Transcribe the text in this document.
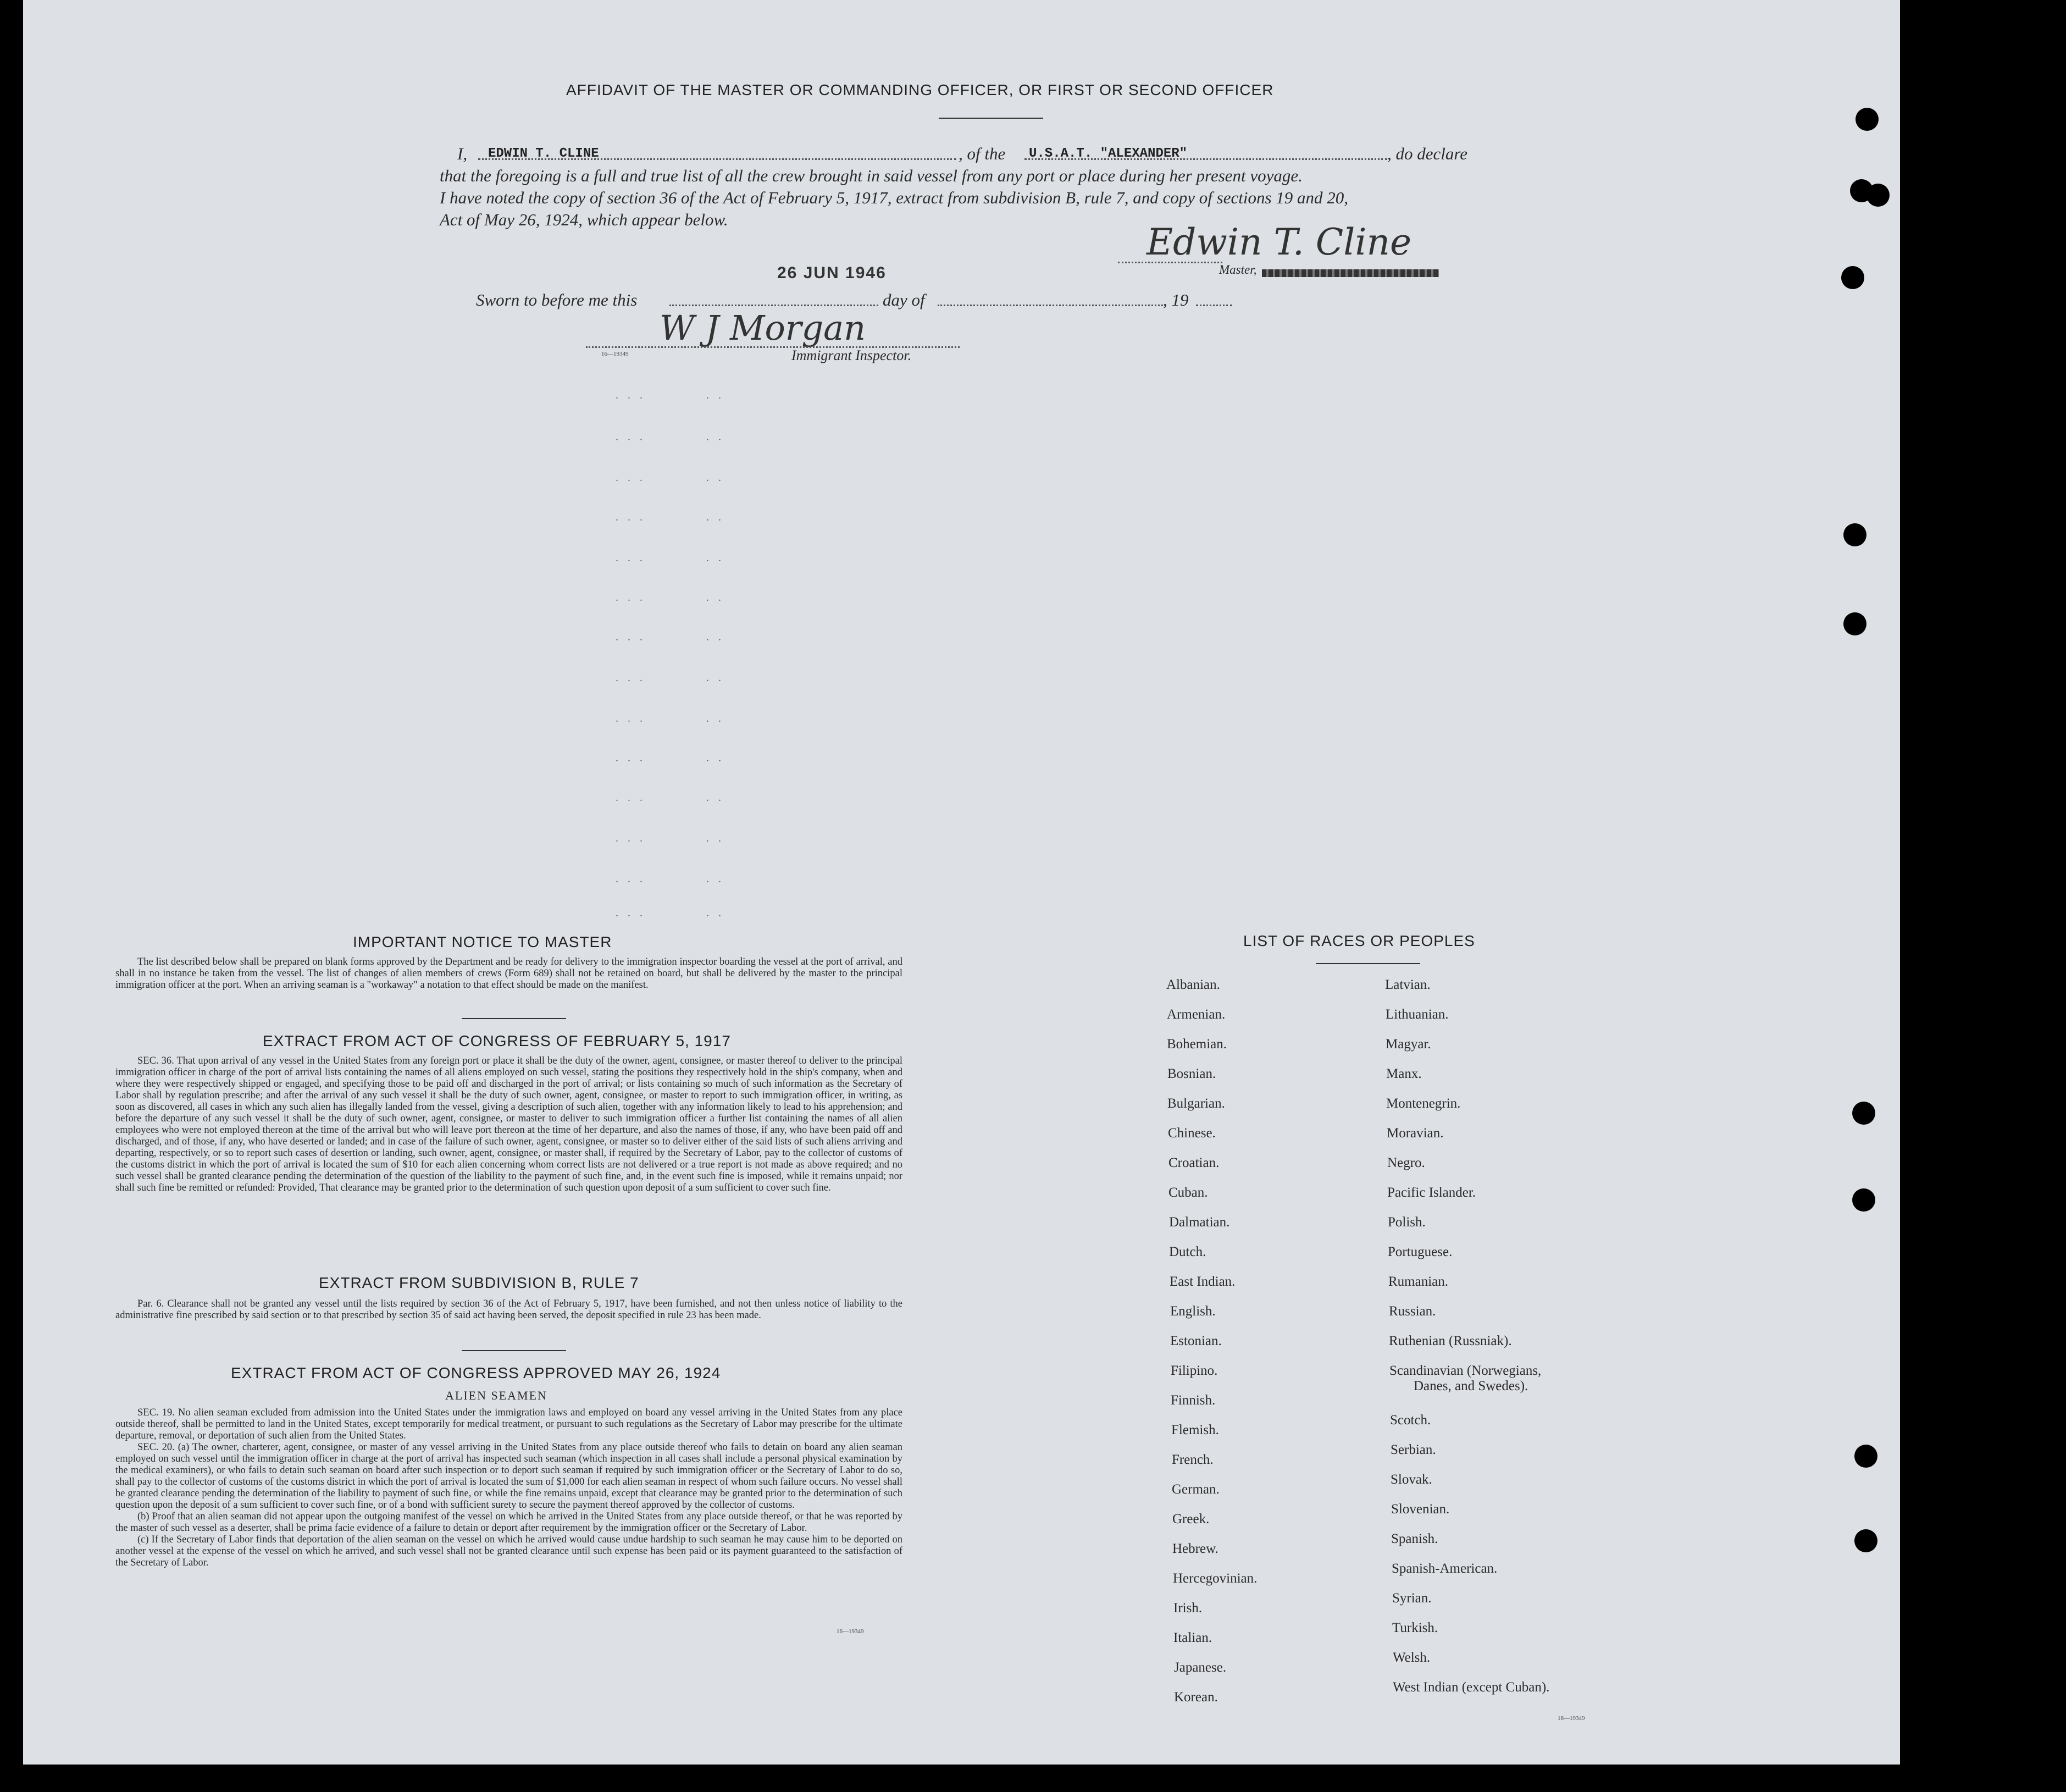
AFFIDAVIT OF THE MASTER OR COMMANDING OFFICER, OR FIRST OR SECOND OFFICER
I, EDWIN T. CLINE	, of the U.S.A.T. "ALEXANDER"	, do declare
that the foregoing is a full and true list of all the crew brought in said vessel from any port or place during her present voyage.
I have noted the copy of section 36 of the Act of February 5, 1917, extract from subdivision B, rule 7, and copy of sections 19 and 20,
Act of May 26, 1924, which appear below.
Edwin T. Cline
Master,
26 JUN 1946
Sworn to before me this	day of	, 19
W J Morgan
16—19349	Immigrant Inspector.
. . .          . .
. . .          . .
. . .          . .
. . .          . .
. . .          . .
. . .          . .
. . .          . .
. . .          . .
. . .          . .
. . .          . .
. . .          . .
. . .          . .
. . .          . .
. . .          . .
IMPORTANT NOTICE TO MASTER

The list described below shall be prepared on blank forms approved by the Department and be ready for delivery to the immigration inspector boarding the vessel at the port of arrival, and shall in no instance be taken from the vessel. The list of changes of alien members of crews (Form 689) shall not be retained on board, but shall be delivered by the master to the principal immigration officer at the port. When an arriving seaman is a "workaway" a notation to that effect should be made on the manifest.

EXTRACT FROM ACT OF CONGRESS OF FEBRUARY 5, 1917

SEC. 36. That upon arrival of any vessel in the United States from any foreign port or place it shall be the duty of the owner, agent, consignee, or master thereof to deliver to the principal immigration officer in charge of the port of arrival lists containing the names of all aliens employed on such vessel, stating the positions they respectively hold in the ship's company, when and where they were respectively shipped or engaged, and specifying those to be paid off and discharged in the port of arrival; or lists containing so much of such information as the Secretary of Labor shall by regulation prescribe; and after the arrival of any such vessel it shall be the duty of such owner, agent, consignee, or master to report to such immigration officer, in writing, as soon as discovered, all cases in which any such alien has illegally landed from the vessel, giving a description of such alien, together with any information likely to lead to his apprehension; and before the departure of any such vessel it shall be the duty of such owner, agent, consignee, or master to deliver to such immigration officer a further list containing the names of all alien employees who were not employed thereon at the time of the arrival but who will leave port thereon at the time of her departure, and also the names of those, if any, who have been paid off and discharged, and of those, if any, who have deserted or landed; and in case of the failure of such owner, agent, consignee, or master so to deliver either of the said lists of such aliens arriving and departing, respectively, or so to report such cases of desertion or landing, such owner, agent, consignee, or master shall, if required by the Secretary of Labor, pay to the collector of customs of the customs district in which the port of arrival is located the sum of $10 for each alien concerning whom correct lists are not delivered or a true report is not made as above required; and no such vessel shall be granted clearance pending the determination of the question of the liability to the payment of such fine, and, in the event such fine is imposed, while it remains unpaid; nor shall such fine be remitted or refunded: Provided, That clearance may be granted prior to the determination of such question upon deposit of a sum sufficient to cover such fine.

EXTRACT FROM SUBDIVISION B, RULE 7

Par. 6. Clearance shall not be granted any vessel until the lists required by section 36 of the Act of February 5, 1917, have been furnished, and not then unless notice of liability to the administrative fine prescribed by said section or to that prescribed by section 35 of said act having been served, the deposit specified in rule 23 has been made.

EXTRACT FROM ACT OF CONGRESS APPROVED MAY 26, 1924
ALIEN SEAMEN

SEC. 19. No alien seaman excluded from admission into the United States under the immigration laws and employed on board any vessel arriving in the United States from any place outside thereof, shall be permitted to land in the United States, except temporarily for medical treatment, or pursuant to such regulations as the Secretary of Labor may prescribe for the ultimate departure, removal, or deportation of such alien from the United States.

SEC. 20. (a) The owner, charterer, agent, consignee, or master of any vessel arriving in the United States from any place outside thereof who fails to detain on board any alien seaman employed on such vessel until the immigration officer in charge at the port of arrival has inspected such seaman (which inspection in all cases shall include a personal physical examination by the medical examiners), or who fails to detain such seaman on board after such inspection or to deport such seaman if required by such immigration officer or the Secretary of Labor to do so, shall pay to the collector of customs of the customs district in which the port of arrival is located the sum of $1,000 for each alien seaman in respect of whom such failure occurs. No vessel shall be granted clearance pending the determination of the liability to payment of such fine, or while the fine remains unpaid, except that clearance may be granted prior to the determination of such question upon the deposit of a sum sufficient to cover such fine, or of a bond with sufficient surety to secure the payment thereof approved by the collector of customs.

(b) Proof that an alien seaman did not appear upon the outgoing manifest of the vessel on which he arrived in the United States from any place outside thereof, or that he was reported by the master of such vessel as a deserter, shall be prima facie evidence of a failure to detain or deport after requirement by the immigration officer or the Secretary of Labor.

(c) If the Secretary of Labor finds that deportation of the alien seaman on the vessel on which he arrived would cause undue hardship to such seaman he may cause him to be deported on another vessel at the expense of the vessel on which he arrived, and such vessel shall not be granted clearance until such expense has been paid or its payment guaranteed to the satisfaction of the Secretary of Labor.

16—19349
LIST OF RACES OR PEOPLES
Albanian.
Armenian.
Bohemian.
Bosnian.
Bulgarian.
Chinese.
Croatian.
Cuban.
Dalmatian.
Dutch.
East Indian.
English.
Estonian.
Filipino.
Finnish.
Flemish.
French.
German.
Greek.
Hebrew.
Hercegovinian.
Irish.
Italian.
Japanese.
Korean.
Latvian.
Lithuanian.
Magyar.
Manx.
Montenegrin.
Moravian.
Negro.
Pacific Islander.
Polish.
Portuguese.
Rumanian.
Russian.
Ruthenian (Russniak).
Scandinavian (Norwegians,
Danes, and Swedes).
Scotch.
Serbian.
Slovak.
Slovenian.
Spanish.
Spanish-American.
Syrian.
Turkish.
Welsh.
West Indian (except Cuban).
16—19349
